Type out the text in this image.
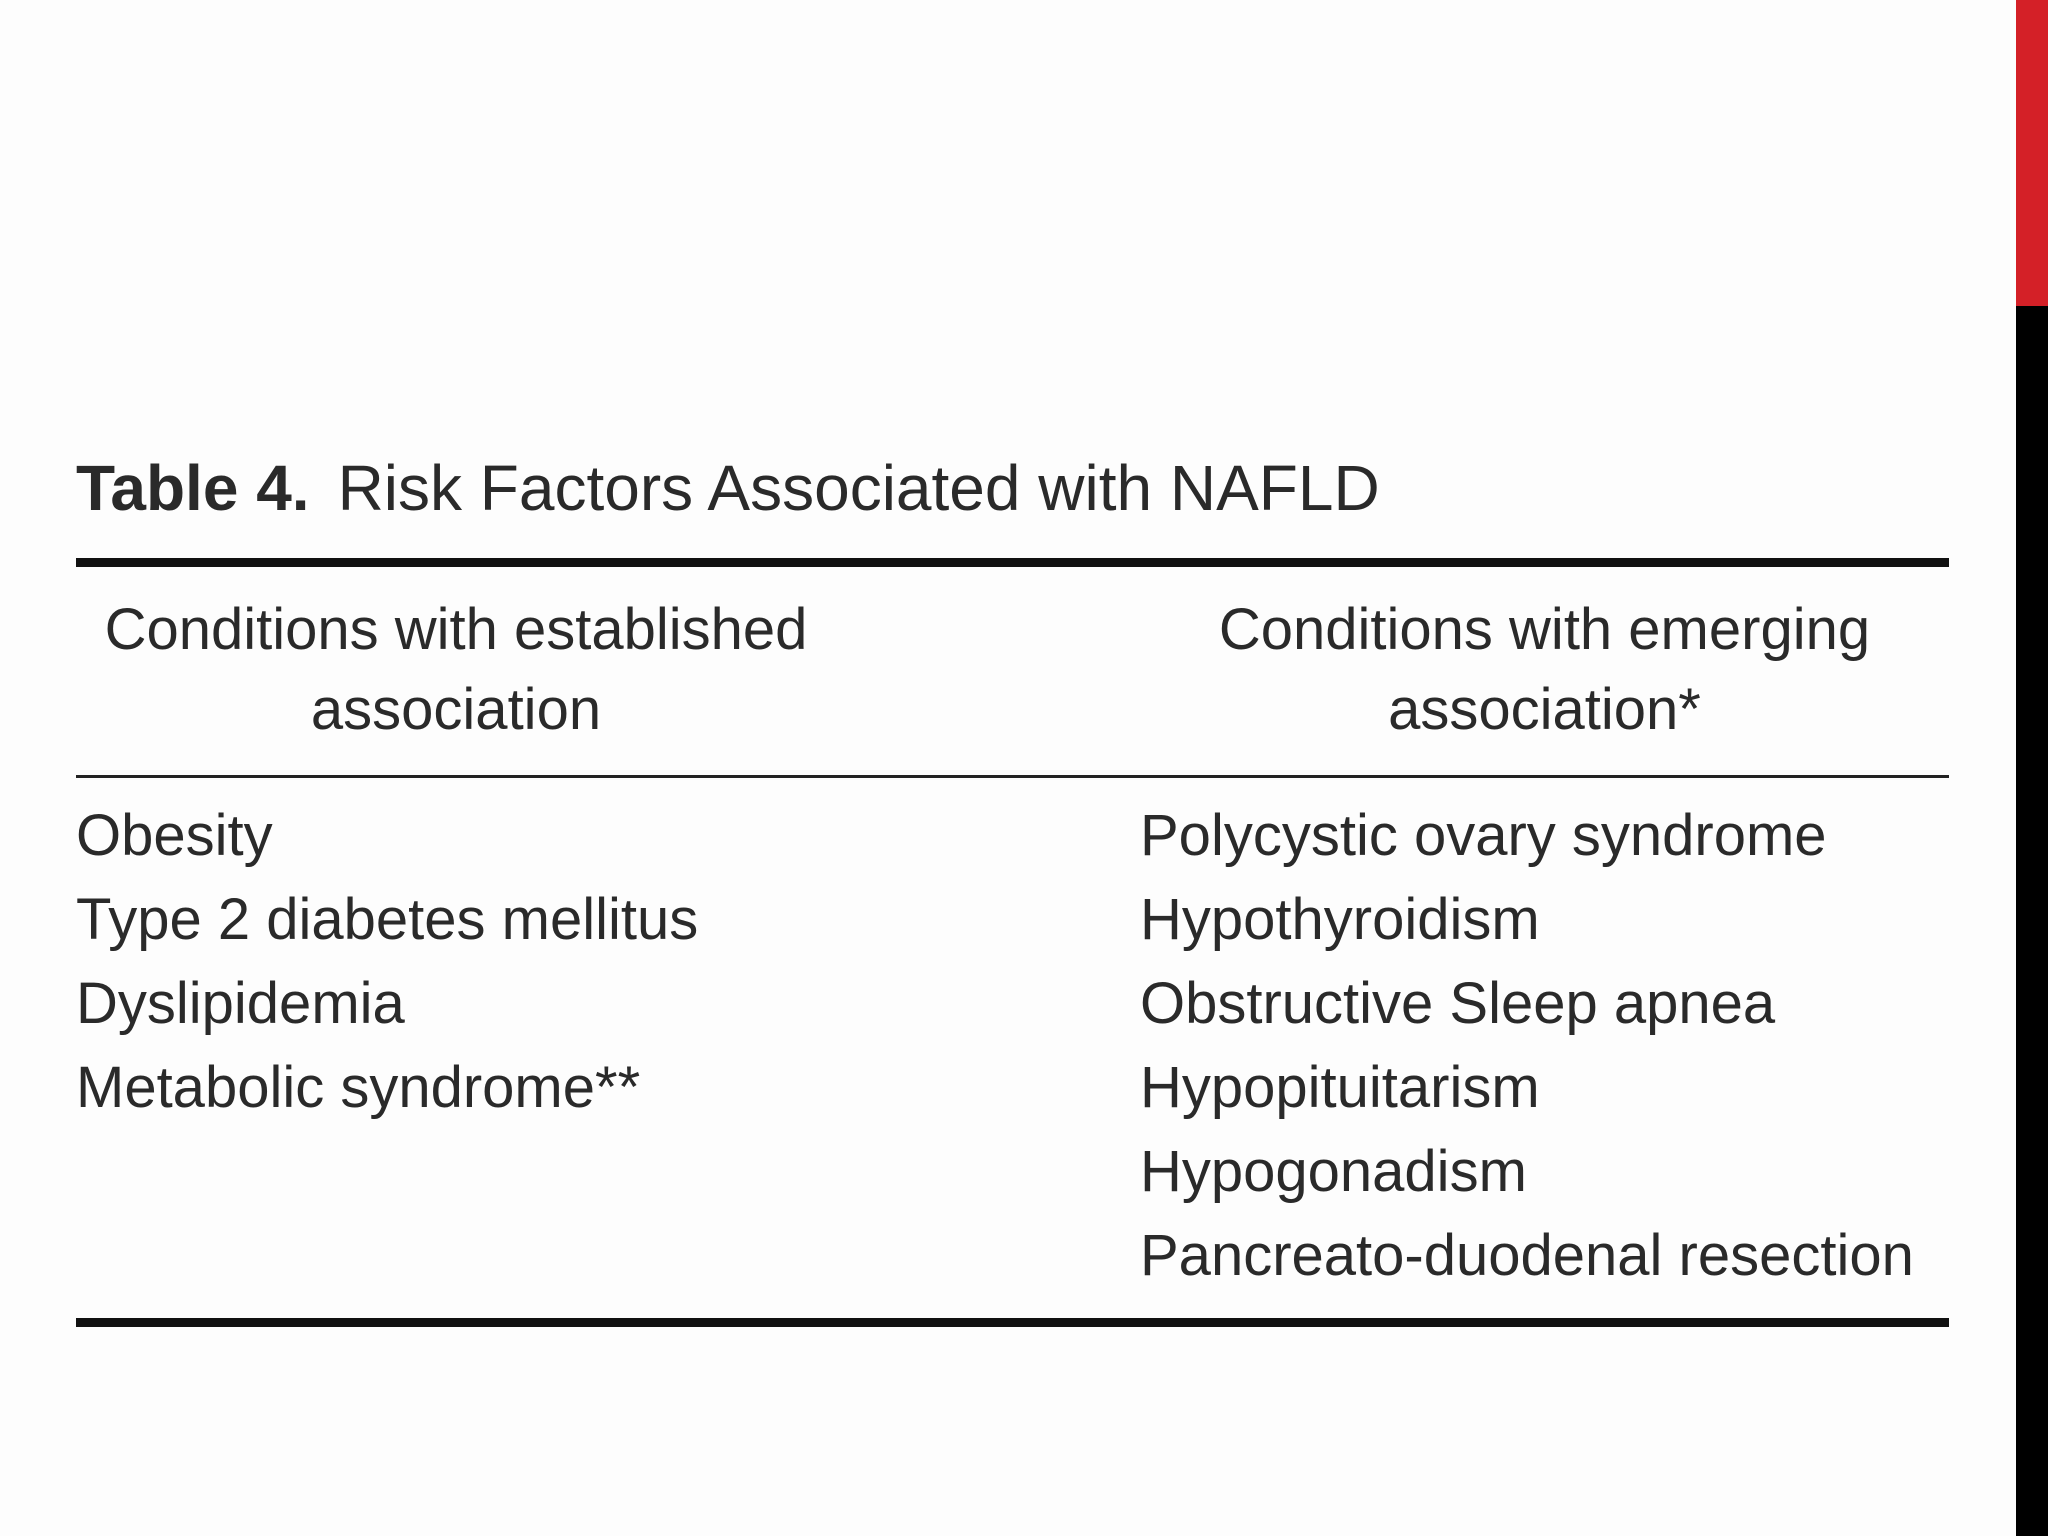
Table 4. Risk Factors Associated with NAFLD
Conditions with established
association
Conditions with emerging
association*
Obesity
Type 2 diabetes mellitus
Dyslipidemia
Metabolic syndrome**
Polycystic ovary syndrome
Hypothyroidism
Obstructive Sleep apnea
Hypopituitarism
Hypogonadism
Pancreato-duodenal resection
